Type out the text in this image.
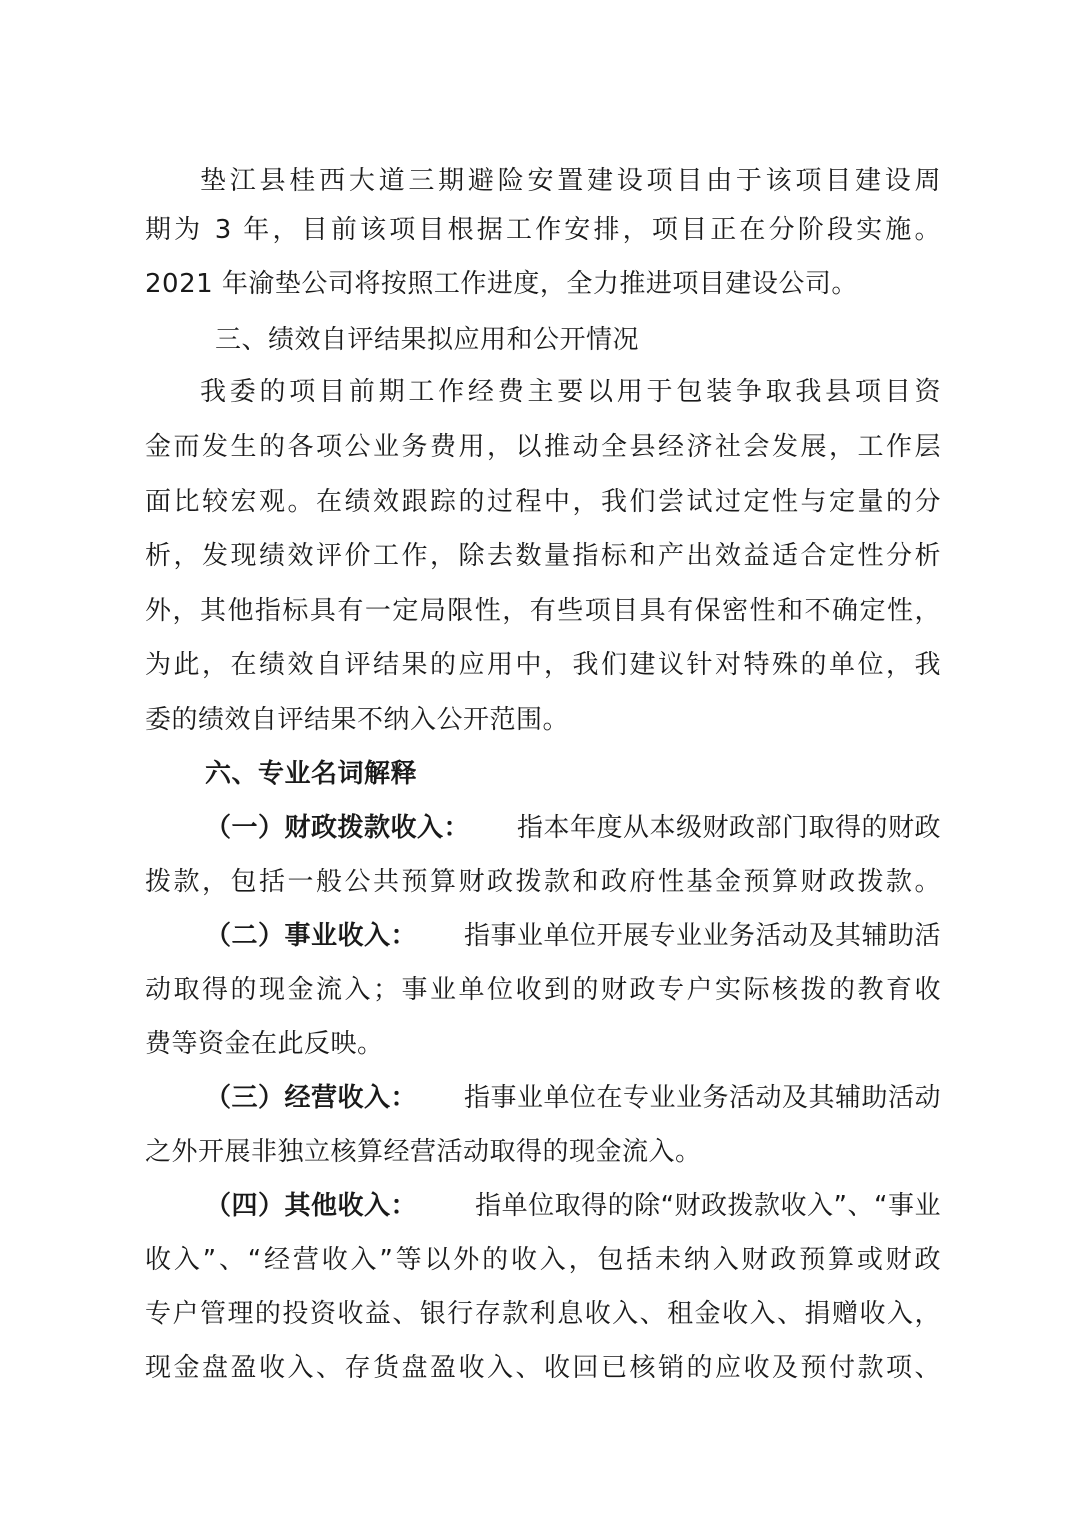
垫江县桂西大道三期避险安置建设项目由于该项目建设周
期为 3 年，目前该项目根据工作安排，项目正在分阶段实施。
2021 年渝垫公司将按照工作进度，全力推进项目建设公司。
三、绩效自评结果拟应用和公开情况
我委的项目前期工作经费主要以用于包装争取我县项目资
金而发生的各项公业务费用，以推动全县经济社会发展，工作层
面比较宏观。在绩效跟踪的过程中，我们尝试过定性与定量的分
析，发现绩效评价工作，除去数量指标和产出效益适合定性分析
外，其他指标具有一定局限性，有些项目具有保密性和不确定性，
为此，在绩效自评结果的应用中，我们建议针对特殊的单位，我
委的绩效自评结果不纳入公开范围。
六、专业名词解释
（一）财政拨款收入： 指本年度从本级财政部门取得的财政
拨款，包括一般公共预算财政拨款和政府性基金预算财政拨款。
（二）事业收入： 指事业单位开展专业业务活动及其辅助活
动取得的现金流入；事业单位收到的财政专户实际核拨的教育收
费等资金在此反映。
（三）经营收入： 指事业单位在专业业务活动及其辅助活动
之外开展非独立核算经营活动取得的现金流入。
（四）其他收入： 指单位取得的除“财政拨款收入”、“事业
收入”、“经营收入”等以外的收入，包括未纳入财政预算或财政
专户管理的投资收益、银行存款利息收入、租金收入、捐赠收入，
现金盘盈收入、存货盘盈收入、收回已核销的应收及预付款项、
